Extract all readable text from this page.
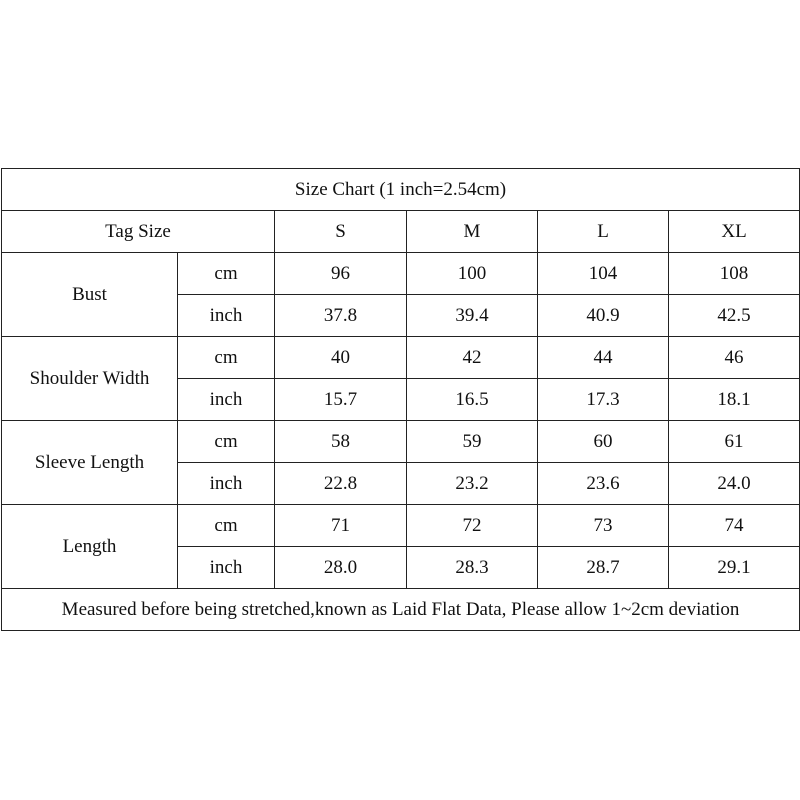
Size Chart (1 inch=2.54cm)					
Tag Size		S	M	L	XL
Bust	cm	96	100	104	108
	inch	37.8	39.4	40.9	42.5
Shoulder Width	cm	40	42	44	46
	inch	15.7	16.5	17.3	18.1
Sleeve Length	cm	58	59	60	61
	inch	22.8	23.2	23.6	24.0
Length	cm	71	72	73	74
	inch	28.0	28.3	28.7	29.1
Measured before being stretched,known as Laid Flat Data, Please allow 1~2cm deviation					
